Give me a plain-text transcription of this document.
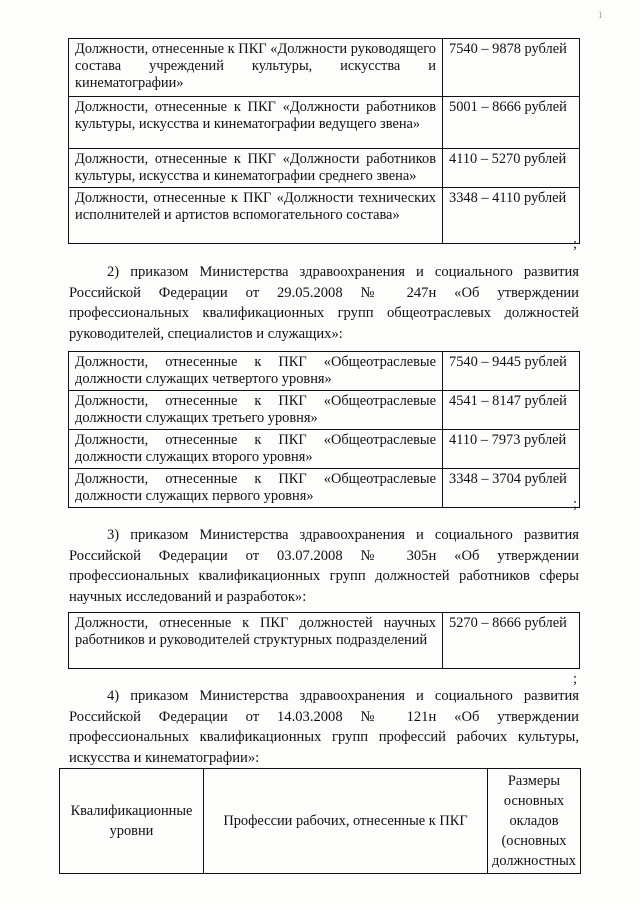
Должности, отнесенные к ПКГ «Должности руководящего состава учреждений культуры, искусства и кинематографии»	7540 – 9878 рублей
Должности, отнесенные к ПКГ «Должности работников культуры, искусства и кинематографии ведущего звена»	5001 – 8666 рублей
Должности, отнесенные к ПКГ «Должности работников культуры, искусства и кинематографии среднего звена»	4110 – 5270 рублей
Должности, отнесенные к ПКГ «Должности технических исполнителей и артистов вспомогательного состава»	3348 – 4110 рублей
;

2) приказом Министерства здравоохранения и социального развития Российской Федерации от 29.05.2008 № 247н «Об утверждении профессиональных квалификационных групп общеотраслевых должностей руководителей, специалистов и служащих»:

Должности, отнесенные к ПКГ «Общеотраслевые должности служащих четвертого уровня»	7540 – 9445 рублей
Должности, отнесенные к ПКГ «Общеотраслевые должности служащих третьего уровня»	4541 – 8147 рублей
Должности, отнесенные к ПКГ «Общеотраслевые должности служащих второго уровня»	4110 – 7973 рублей
Должности, отнесенные к ПКГ «Общеотраслевые должности служащих первого уровня»	3348 – 3704 рублей
;

3) приказом Министерства здравоохранения и социального развития Российской Федерации от 03.07.2008 № 305н «Об утверждении профессиональных квалификационных групп должностей работников сферы научных исследований и разработок»:

Должности, отнесенные к ПКГ должностей научных работников и руководителей структурных подразделений	5270 – 8666 рублей
;

4) приказом Министерства здравоохранения и социального развития Российской Федерации от 14.03.2008 № 121н «Об утверждении профессиональных квалификационных групп профессий рабочих культуры, искусства и кинематографии»:

Квалификационные уровни	Профессии рабочих, отнесенные к ПКГ	Размеры основных окладов (основных должностных
1
